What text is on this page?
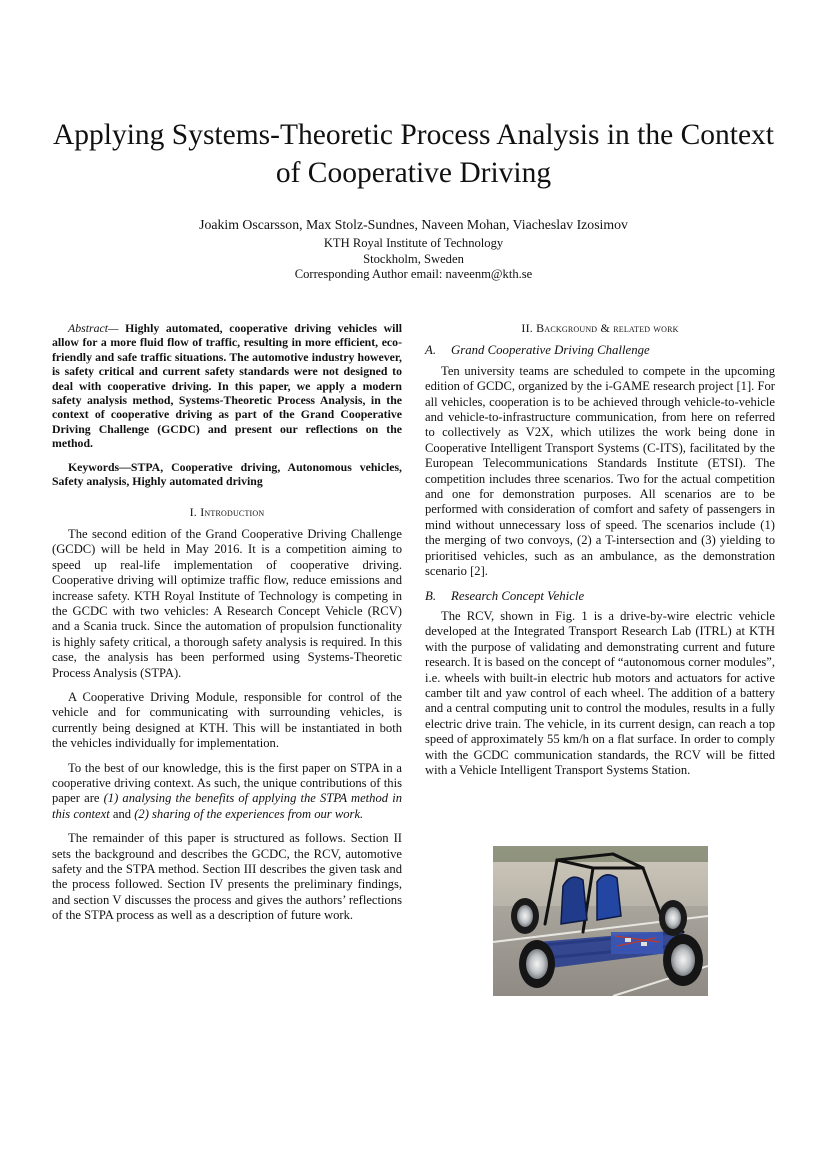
Applying Systems-Theoretic Process Analysis in the Context of Cooperative Driving
Joakim Oscarsson, Max Stolz-Sundnes, Naveen Mohan, Viacheslav Izosimov
KTH Royal Institute of Technology
Stockholm, Sweden
Corresponding Author email: naveenm@kth.se

Abstract— Highly automated, cooperative driving vehicles will allow for a more fluid flow of traffic, resulting in more efficient, eco-friendly and safe traffic situations. The automotive industry however, is safety critical and current safety standards were not designed to deal with cooperative driving. In this paper, we apply a modern safety analysis method, Systems-Theoretic Process Analysis, in the context of cooperative driving as part of the Grand Cooperative Driving Challenge (GCDC) and present our reflections on the method.

Keywords—STPA, Cooperative driving, Autonomous vehicles, Safety analysis, Highly automated driving

I. Introduction

The second edition of the Grand Cooperative Driving Challenge (GCDC) will be held in May 2016. It is a competition aiming to speed up real-life implementation of cooperative driving. Cooperative driving will optimize traffic flow, reduce emissions and increase safety. KTH Royal Institute of Technology is competing in the GCDC with two vehicles: A Research Concept Vehicle (RCV) and a Scania truck. Since the automation of propulsion functionality is highly safety critical, a thorough safety analysis is required. In this case, the analysis has been performed using Systems-Theoretic Process Analysis (STPA).

A Cooperative Driving Module, responsible for control of the vehicle and for communicating with surrounding vehicles, is currently being designed at KTH. This will be instantiated in both the vehicles individually for implementation.

To the best of our knowledge, this is the first paper on STPA in a cooperative driving context. As such, the unique contributions of this paper are (1) analysing the benefits of applying the STPA method in this context and (2) sharing of the experiences from our work.

The remainder of this paper is structured as follows. Section II sets the background and describes the GCDC, the RCV, automotive safety and the STPA method. Section III describes the given task and the process followed. Section IV presents the preliminary findings, and section V discusses the process and gives the authors’ reflections of the STPA process as well as a description of future work.

II. Background & related work
A. Grand Cooperative Driving Challenge

Ten university teams are scheduled to compete in the upcoming edition of GCDC, organized by the i-GAME research project [1]. For all vehicles, cooperation is to be achieved through vehicle-to-vehicle and vehicle-to-infrastructure communication, from here on referred to collectively as V2X, which utilizes the work being done in Cooperative Intelligent Transport Systems (C-ITS), facilitated by the European Telecommunications Standards Institute (ETSI). The competition includes three scenarios. Two for the actual competition and one for demonstration purposes. All scenarios are to be performed with consideration of comfort and safety of passengers in mind without unnecessary loss of speed. The scenarios include (1) the merging of two convoys, (2) a T-intersection and (3) yielding to prioritised vehicles, such as an ambulance, as the demonstration scenario [2].

B. Research Concept Vehicle

The RCV, shown in Fig. 1 is a drive-by-wire electric vehicle developed at the Integrated Transport Research Lab (ITRL) at KTH with the purpose of validating and demonstrating current and future research. It is based on the concept of “autonomous corner modules”, i.e. wheels with built-in electric hub motors and actuators for active camber tilt and yaw control of each wheel. The addition of a battery and a central computing unit to control the modules, results in a fully electric drive train. The vehicle, in its current design, can reach a top speed of approximately 55 km/h on a flat surface. In order to comply with the GCDC communication standards, the RCV will be fitted with a Vehicle Intelligent Transport Systems Station.
